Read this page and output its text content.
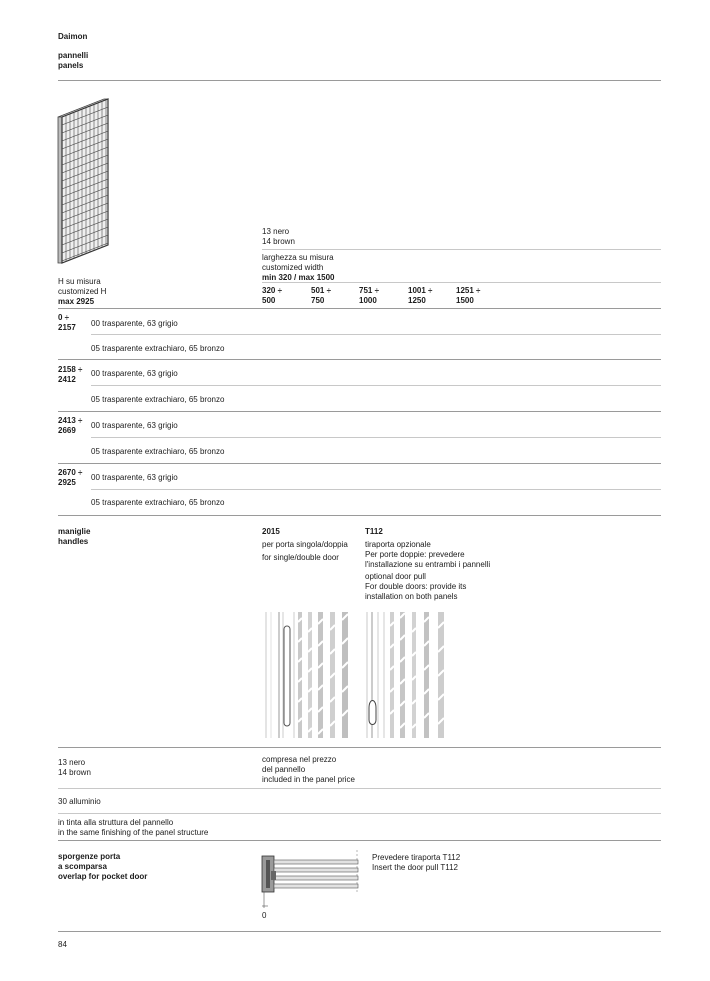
Daimon
pannelli
panels
H su misura
customized H
max 2925
13 nero
14 brown
larghezza su misura
customized width
min 320 / max 1500
320 ÷
500
501 ÷
750
751 ÷
1000
1001 ÷
1250
1251 ÷
1500
0 ÷
2157 00 trasparente, 63 grigio
05 trasparente extrachiaro, 65 bronzo
2158 ÷
2412
00 trasparente, 63 grigio
05 trasparente extrachiaro, 65 bronzo
2413 ÷
2669
00 trasparente, 63 grigio
05 trasparente extrachiaro, 65 bronzo
2670 ÷
2925
00 trasparente, 63 grigio
05 trasparente extrachiaro, 65 bronzo
maniglie
handles
2015
per porta singola/doppia
for single/double door
T112
tiraporta opzionale
Per porte doppie: prevedere
l'installazione su entrambi i pannelli
optional door pull
For double doors: provide its
installation on both panels
13 nero
14 brown
compresa nel prezzo
del pannello
included in the panel price
30 alluminio
in tinta alla struttura del pannello
in the same finishing of the panel structure
sporgenze porta
a scomparsa
overlap for pocket door
0
Prevedere tiraporta T112
Insert the door pull T112
84
